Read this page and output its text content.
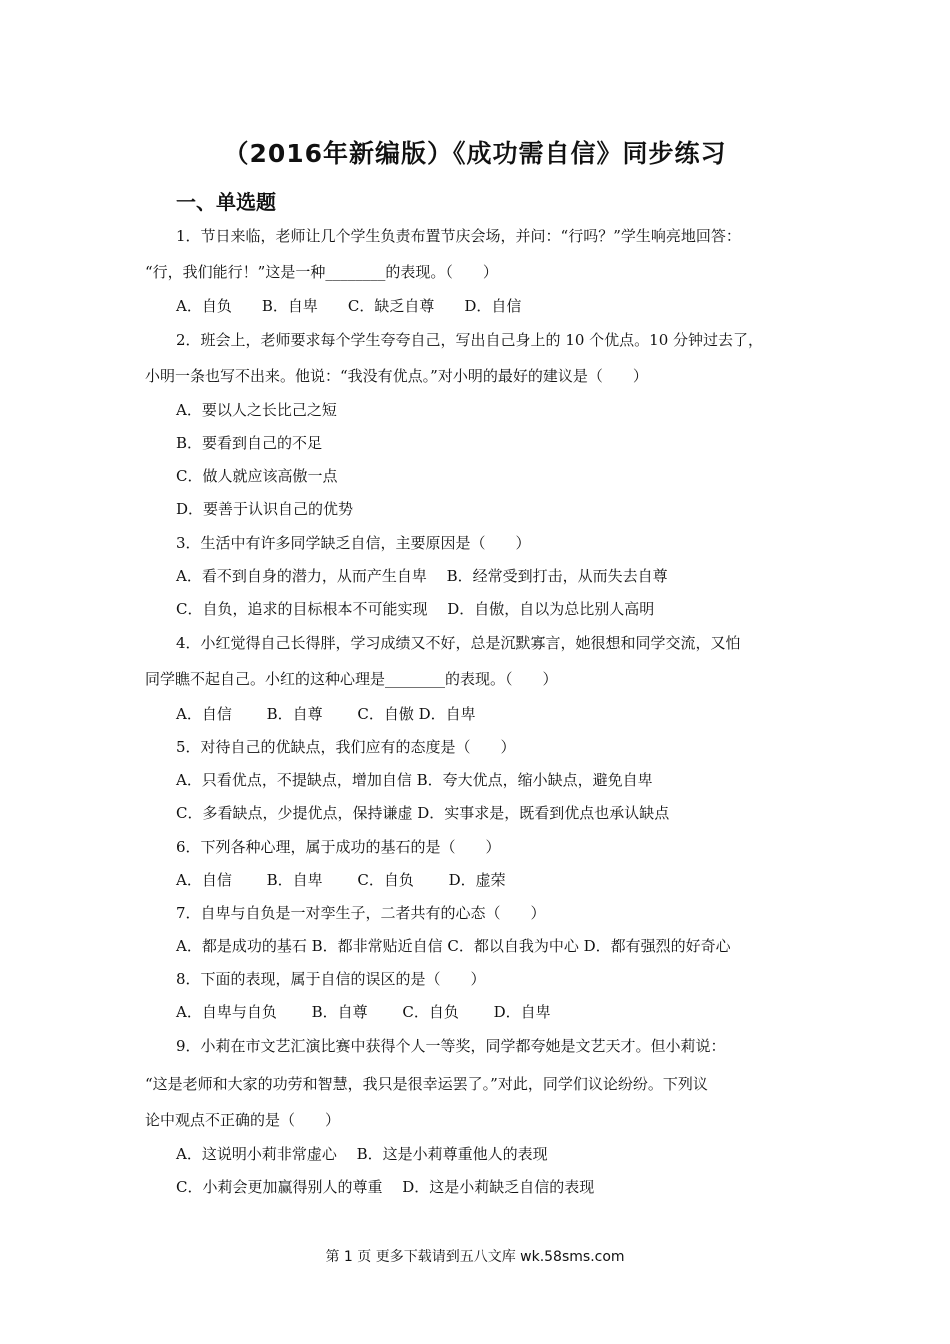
（2016年新编版）《成功需自信》同步练习
一、单选题
1．节日来临，老师让几个学生负责布置节庆会场，并问：“行吗？”学生响亮地回答：
“行，我们能行！”这是一种________的表现。（　　）
A．自负　　B．自卑　　C．缺乏自尊　　D．自信
2．班会上，老师要求每个学生夸夸自己，写出自己身上的 10 个优点。10 分钟过去了，
小明一条也写不出来。他说：“我没有优点。”对小明的最好的建议是（　　）
A．要以人之长比己之短
B．要看到自己的不足
C．做人就应该高傲一点
D．要善于认识自己的优势
3．生活中有许多同学缺乏自信，主要原因是（　　）
A．看不到自身的潜力，从而产生自卑　 B．经常受到打击，从而失去自尊
C．自负，追求的目标根本不可能实现　 D．自傲，自以为总比别人高明
4．小红觉得自己长得胖，学习成绩又不好，总是沉默寡言，她很想和同学交流，又怕
同学瞧不起自己。小红的这种心理是________的表现。（　　）
A．自信　　 B．自尊　　 C．自傲 D．自卑
5．对待自己的优缺点，我们应有的态度是（　　）
A．只看优点，不提缺点，增加自信 B．夸大优点，缩小缺点，避免自卑
C．多看缺点，少提优点，保持谦虚 D．实事求是，既看到优点也承认缺点
6．下列各种心理，属于成功的基石的是（　　）
A．自信　　 B．自卑　　 C．自负　　 D．虚荣
7．自卑与自负是一对孪生子，二者共有的心态（　　）
A．都是成功的基石 B．都非常贴近自信 C．都以自我为中心 D．都有强烈的好奇心
8．下面的表现，属于自信的误区的是（　　）
A．自卑与自负　　 B．自尊　　 C．自负　　 D．自卑
9．小莉在市文艺汇演比赛中获得个人一等奖，同学都夸她是文艺天才。但小莉说：
“这是老师和大家的功劳和智慧，我只是很幸运罢了。”对此，同学们议论纷纷。下列议
论中观点不正确的是（　　）
A．这说明小莉非常虚心　 B．这是小莉尊重他人的表现
C．小莉会更加赢得别人的尊重　 D．这是小莉缺乏自信的表现
第 1 页 更多下载请到五八文库 wk.58sms.com
